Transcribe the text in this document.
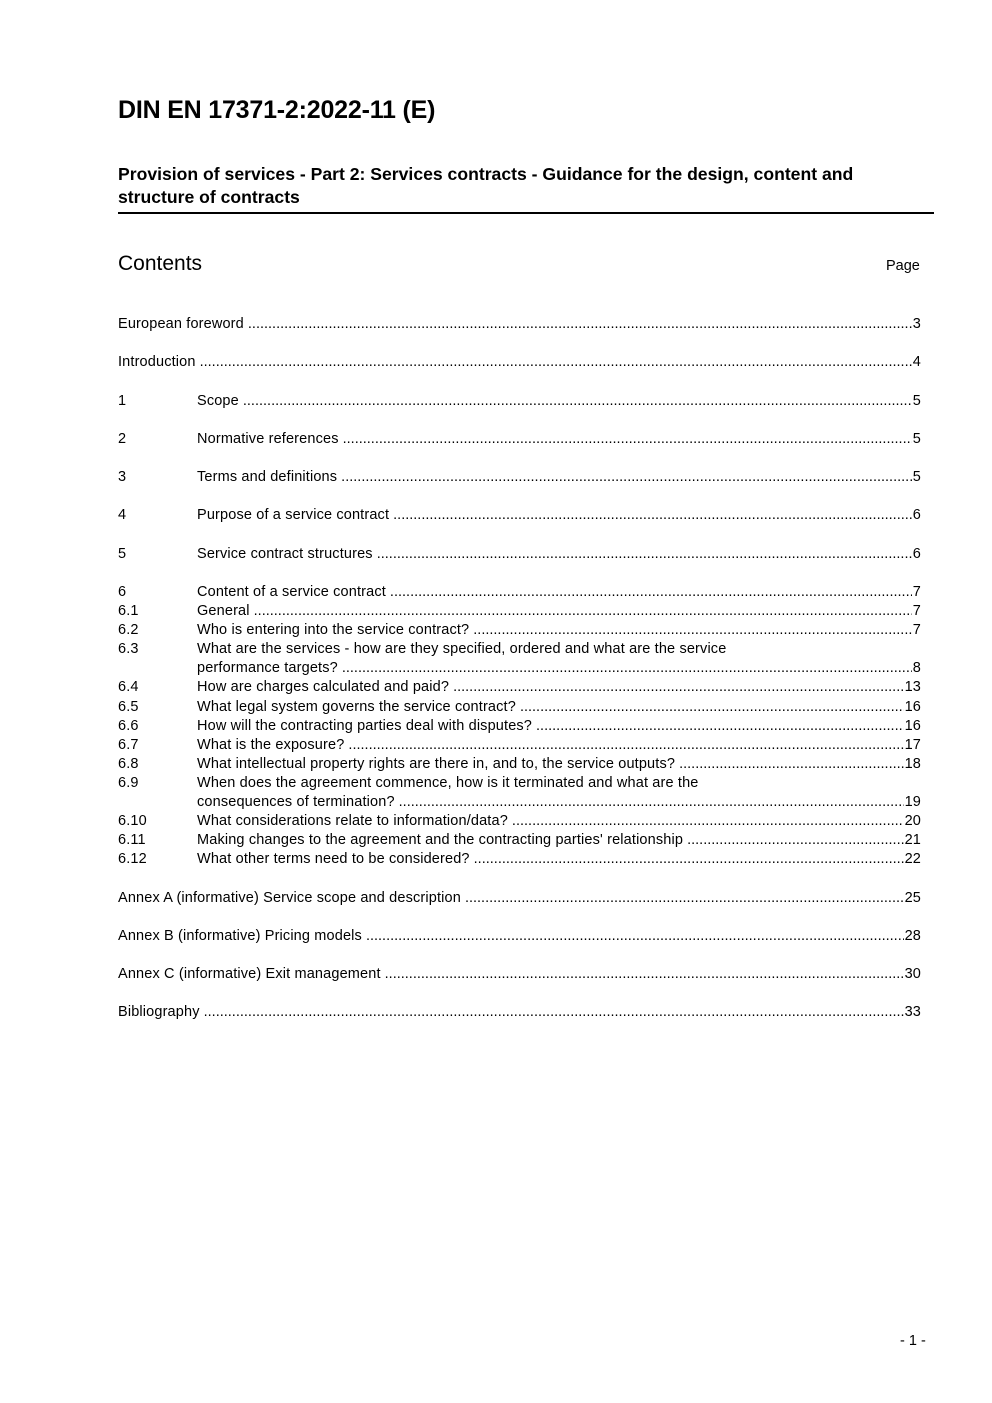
DIN EN 17371-2:2022-11 (E)
Provision of services - Part 2: Services contracts - Guidance for the design, content and structure of contracts
Contents	Page
European foreword .....	3
Introduction .....	4
1	Scope .....	5
2	Normative references .....	5
3	Terms and definitions .....	5
4	Purpose of a service contract .....	6
5	Service contract structures .....	6
6	Content of a service contract .....	7
6.1	General .....	7
6.2	Who is entering into the service contract? .....	7
6.3	What are the services - how are they specified, ordered and what are the service
performance targets? .....	8
6.4	How are charges calculated and paid? .....	13
6.5	What legal system governs the service contract? .....	16
6.6	How will the contracting parties deal with disputes? .....	16
6.7	What is the exposure? .....	17
6.8	What intellectual property rights are there in, and to, the service outputs? .....	18
6.9	When does the agreement commence, how is it terminated and what are the
consequences of termination? .....	19
6.10	What considerations relate to information/data? .....	20
6.11	Making changes to the agreement and the contracting parties' relationship .....	21
6.12	What other terms need to be considered? .....	22
Annex A (informative) Service scope and description .....	25
Annex B (informative) Pricing models .....	28
Annex C (informative) Exit management .....	30
Bibliography .....	33
- 1 -
